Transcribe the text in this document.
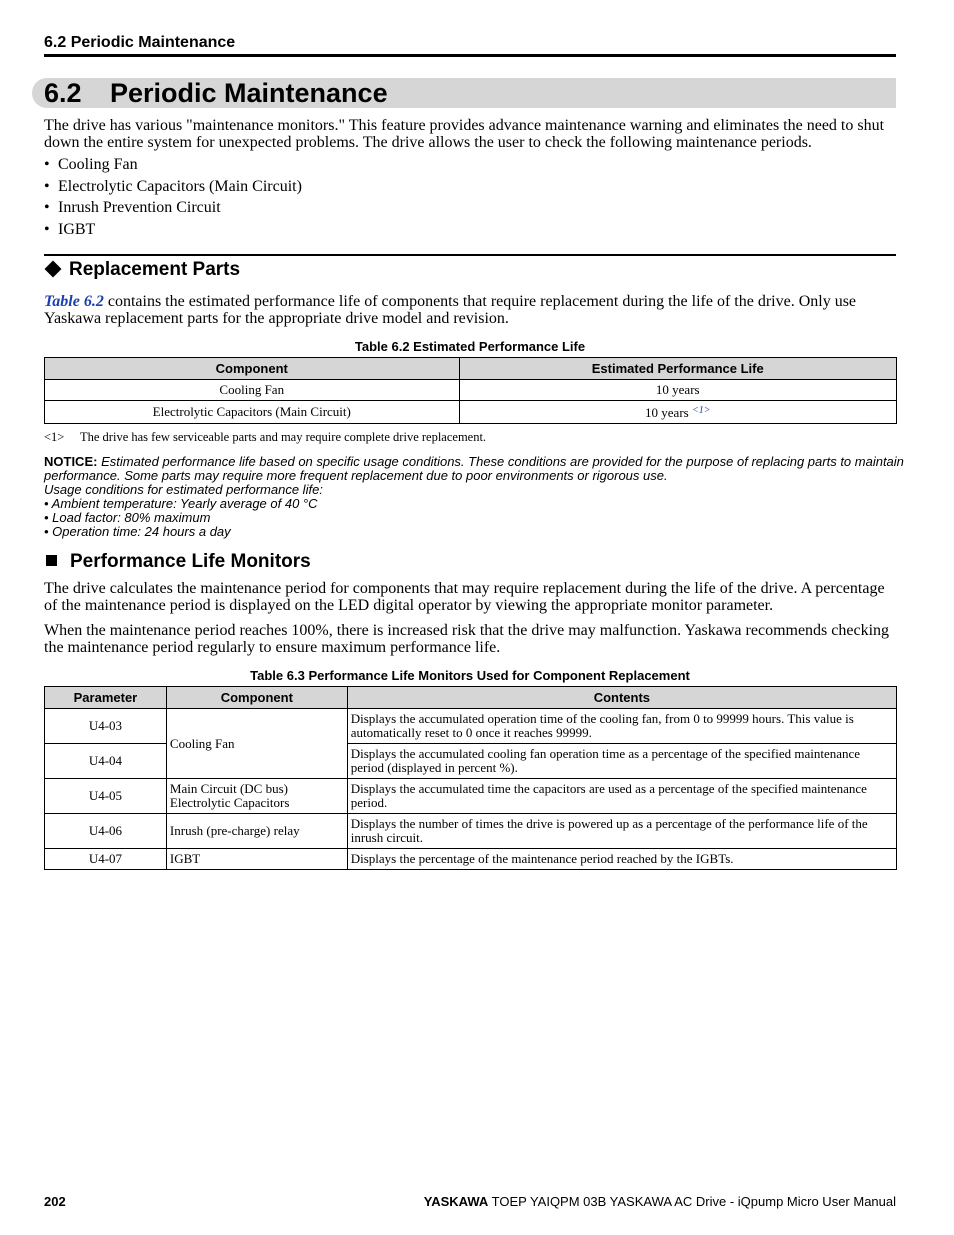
6.2 Periodic Maintenance
6.2 Periodic Maintenance

The drive has various "maintenance monitors." This feature provides advance maintenance warning and eliminates the need to shut down the entire system for unexpected problems. The drive allows the user to check the following maintenance periods.

• Cooling Fan
• Electrolytic Capacitors (Main Circuit)
• Inrush Prevention Circuit
• IGBT
Replacement Parts

Table 6.2 contains the estimated performance life of components that require replacement during the life of the drive. Only use Yaskawa replacement parts for the appropriate drive model and revision.

Table 6.2 Estimated Performance Life
Component	Estimated Performance Life
Cooling Fan	10 years
Electrolytic Capacitors (Main Circuit)	10 years $^{<1>}$
<1> The drive has few serviceable parts and may require complete drive replacement.
NOTICE: Estimated performance life based on specific usage conditions. These conditions are provided for the purpose of replacing parts to maintain performance. Some parts may require more frequent replacement due to poor environments or rigorous use.
Usage conditions for estimated performance life:
• Ambient temperature: Yearly average of 40 °C
• Load factor: 80% maximum
• Operation time: 24 hours a day
Performance Life Monitors

The drive calculates the maintenance period for components that may require replacement during the life of the drive. A percentage of the maintenance period is displayed on the LED digital operator by viewing the appropriate monitor parameter.

When the maintenance period reaches 100%, there is increased risk that the drive may malfunction. Yaskawa recommends checking the maintenance period regularly to ensure maximum performance life.

Table 6.3 Performance Life Monitors Used for Component Replacement
Parameter	Component	Contents
U4-03	Cooling Fan	Displays the accumulated operation time of the cooling fan, from 0 to 99999 hours. This value is automatically reset to 0 once it reaches 99999.
U4-04		Displays the accumulated cooling fan operation time as a percentage of the specified maintenance period (displayed in percent %).
U4-05	Main Circuit (DC bus) Electrolytic Capacitors	Displays the accumulated time the capacitors are used as a percentage of the specified maintenance period.
U4-06	Inrush (pre-charge) relay	Displays the number of times the drive is powered up as a percentage of the performance life of the inrush circuit.
U4-07	IGBT	Displays the percentage of the maintenance period reached by the IGBTs.
202	YASKAWA TOEP YAIQPM 03B YASKAWA AC Drive - iQpump Micro User Manual
